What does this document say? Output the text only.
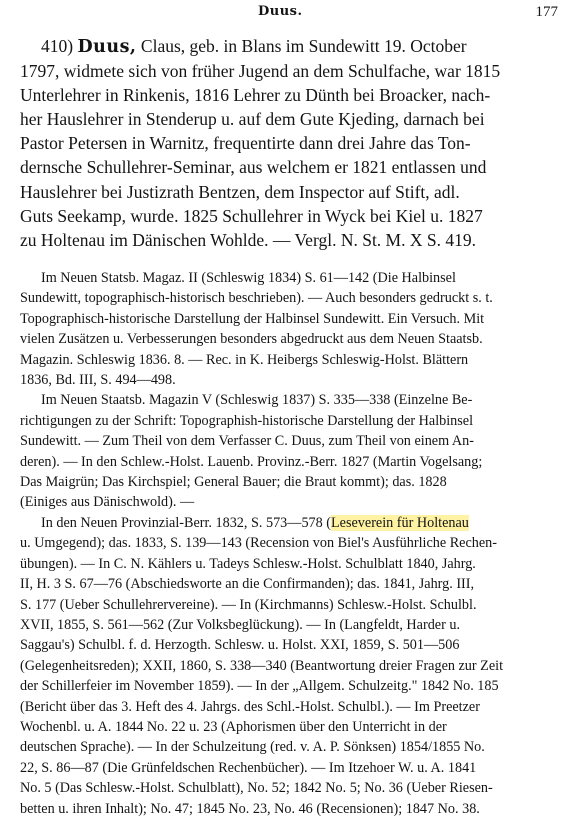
Duus.	177
410) Duus, Claus, geb. in Blans im Sundewitt 19. October
1797, widmete sich von früher Jugend an dem Schulfache, war 1815
Unterlehrer in Rinkenis, 1816 Lehrer zu Dünth bei Broacker, nach-
her Hauslehrer in Stenderup u. auf dem Gute Kjeding, darnach bei
Pastor Petersen in Warnitz, frequentirte dann drei Jahre das Ton-
dernsche Schullehrer-Seminar, aus welchem er 1821 entlassen und
Hauslehrer bei Justizrath Bentzen, dem Inspector auf Stift, adl.
Guts Seekamp, wurde. 1825 Schullehrer in Wyck bei Kiel u. 1827
zu Holtenau im Dänischen Wohlde. — Vergl. N. St. M. X S. 419.
Im Neuen Statsb. Magaz. II (Schleswig 1834) S. 61—142 (Die Halbinsel
Sundewitt, topographisch-historisch beschrieben). — Auch besonders gedruckt s. t.
Topographisch-historische Darstellung der Halbinsel Sundewitt. Ein Versuch. Mit
vielen Zusätzen u. Verbesserungen besonders abgedruckt aus dem Neuen Staatsb.
Magazin. Schleswig 1836. 8. — Rec. in K. Heibergs Schleswig-Holst. Blättern
1836, Bd. III, S. 494—498.
Im Neuen Staatsb. Magazin V (Schleswig 1837) S. 335—338 (Einzelne Be-
richtigungen zu der Schrift: Topographish-historische Darstellung der Halbinsel
Sundewitt. — Zum Theil von dem Verfasser C. Duus, zum Theil von einem An-
deren). — In den Schlew.-Holst. Lauenb. Provinz.-Berr. 1827 (Martin Vogelsang;
Das Maigrün; Das Kirchspiel; General Bauer; die Braut kommt); das. 1828
(Einiges aus Dänischwold). —
In den Neuen Provinzial-Berr. 1832, S. 573—578 (Leseverein für Holtenau
u. Umgegend); das. 1833, S. 139—143 (Recension von Biel's Ausführliche Rechen-
übungen). — In C. N. Kählers u. Tadeys Schlesw.-Holst. Schulblatt 1840, Jahrg.
II, H. 3 S. 67—76 (Abschiedsworte an die Confirmanden); das. 1841, Jahrg. III,
S. 177 (Ueber Schullehrervereine). — In (Kirchmanns) Schlesw.-Holst. Schulbl.
XVII, 1855, S. 561—562 (Zur Volksbeglückung). — In (Langfeldt, Harder u.
Saggau's) Schulbl. f. d. Herzogth. Schlesw. u. Holst. XXI, 1859, S. 501—506
(Gelegenheitsreden); XXII, 1860, S. 338—340 (Beantwortung dreier Fragen zur Zeit
der Schillerfeier im November 1859). — In der „Allgem. Schulzeitg." 1842 No. 185
(Bericht über das 3. Heft des 4. Jahrgs. des Schl.-Holst. Schulbl.). — Im Preetzer
Wochenbl. u. A. 1844 No. 22 u. 23 (Aphorismen über den Unterricht in der
deutschen Sprache). — In der Schulzeitung (red. v. A. P. Sönksen) 1854/1855 No.
22, S. 86—87 (Die Grünfeldschen Rechenbücher). — Im Itzehoer W. u. A. 1841
No. 5 (Das Schlesw.-Holst. Schulblatt), No. 52; 1842 No. 5; No. 36 (Ueber Riesen-
betten u. ihren Inhalt); No. 47; 1845 No. 23, No. 46 (Recensionen); 1847 No. 38.
